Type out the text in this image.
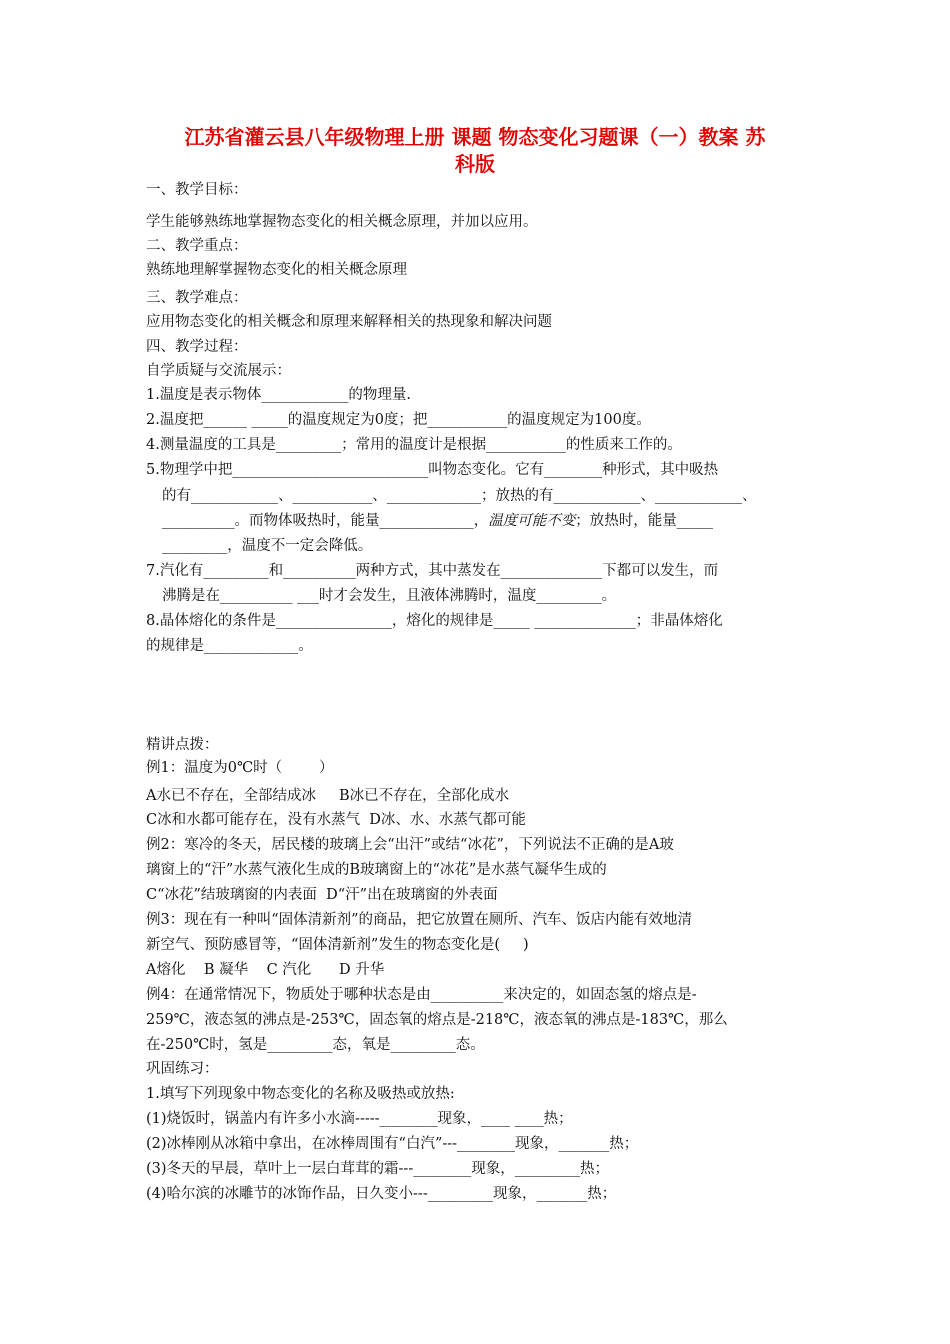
江苏省灌云县八年级物理上册 课题 物态变化习题课（一）教案 苏
科版
一、教学目标：
学生能够熟练地掌握物态变化的相关概念原理，并加以应用。
二、教学重点：
熟练地理解掌握物态变化的相关概念原理
三、教学难点：
应用物态变化的相关概念和原理来解释相关的热现象和解决问题
四、教学过程：
自学质疑与交流展示：
1.温度是表示物体____________的物理量.
2.温度把______ _____的温度规定为0度；把___________的温度规定为100度。
4.测量温度的工具是_________；常用的温度计是根据___________的性质来工作的。
5.物理学中把___________________________叫物态变化。它有________种形式，其中吸热
的有____________、___________、_____________；放热的有____________、____________、
__________。而物体吸热时，能量_____________，温度可能不变；放热时，能量_____
_________，温度不一定会降低。
7.汽化有_________和__________两种方式，其中蒸发在______________下都可以发生，而
沸腾是在__________ ___时才会发生，且液体沸腾时，温度_________。
8.晶体熔化的条件是________________，熔化的规律是_____ ______________；非晶体熔化
的规律是_____________。
精讲点拨：
例1：温度为0℃时（        ）
A水已不存在，全部结成冰     B冰已不存在，全部化成水
C冰和水都可能存在，没有水蒸气  D冰、水、水蒸气都可能
例2：寒冷的冬天，居民楼的玻璃上会“出汗”或结“冰花”，下列说法不正确的是A玻
璃窗上的“汗”水蒸气液化生成的B玻璃窗上的“冰花”是水蒸气凝华生成的
C“冰花”结玻璃窗的内表面  D“汗”出在玻璃窗的外表面
例3：现在有一种叫“固体清新剂”的商品，把它放置在厕所、汽车、饭店内能有效地清
新空气、预防感冒等，“固体清新剂”发生的物态变化是(     )
A熔化    B 凝华    C 汽化      D 升华
例4：在通常情况下，物质处于哪种状态是由__________来决定的，如固态氢的熔点是-
259℃，液态氢的沸点是-253℃，固态氧的熔点是-218℃，液态氧的沸点是-183℃，那么
在-250℃时，氢是_________态，氧是_________态。
巩固练习：
1.填写下列现象中物态变化的名称及吸热或放热:
(1)烧饭时，锅盖内有许多小水滴-----________现象，____ ____热；
(2)冰棒刚从冰箱中拿出，在冰棒周围有“白汽”---________现象，_______热；
(3)冬天的早晨，草叶上一层白茸茸的霜---________现象，_________热；
(4)哈尔滨的冰雕节的冰饰作品，日久变小---_________现象，_______热；
